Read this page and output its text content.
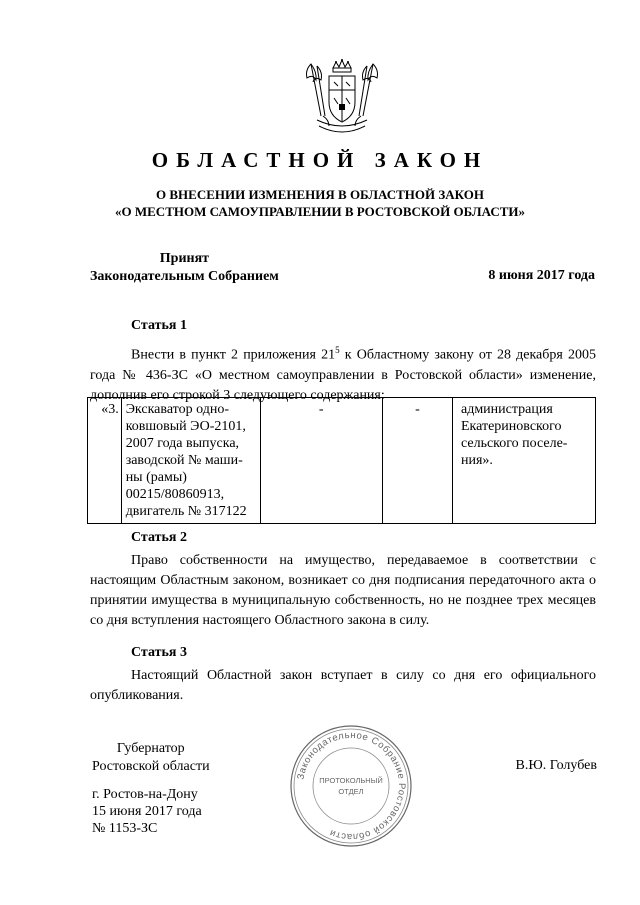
ОБЛАСТНОЙ ЗАКОН
О ВНЕСЕНИИ ИЗМЕНЕНИЯ В ОБЛАСТНОЙ ЗАКОН
«О МЕСТНОМ САМОУПРАВЛЕНИИ В РОСТОВСКОЙ ОБЛАСТИ»
Принят
Законодательным Собранием	8 июня 2017 года
Статья 1
Внести в пункт 2 приложения $21^5$ к Областному закону от 28 декабря 2005 года № 436-ЗС «О местном самоуправлении в Ростовской области» изменение, дополнив его строкой 3 следующего содержания:
«3.	Экскаватор одно-
ковшовый ЭО-2101,
2007 года выпуска,
заводской № маши-
ны (рамы)
00215/80860913,
двигатель № 317122
	-	-	администрация
Екатериновского
сельского поселе-
ния».
Статья 2
Право собственности на имущество, передаваемое в соответствии с настоящим Областным законом, возникает со дня подписания передаточного акта о принятии имущества в муниципальную собственность, но не позднее трех месяцев со дня вступления настоящего Областного закона в силу.
Статья 3
Настоящий Областной закон вступает в силу со дня его официального опубликования.
Губернатор
Ростовской области	В.Ю. Голубев
Законодательное Собрание Ростовской области
ПРОТОКОЛЬНЫЙ
ОТДЕЛ
г. Ростов-на-Дону
15 июня 2017 года
№ 1153-ЗС
